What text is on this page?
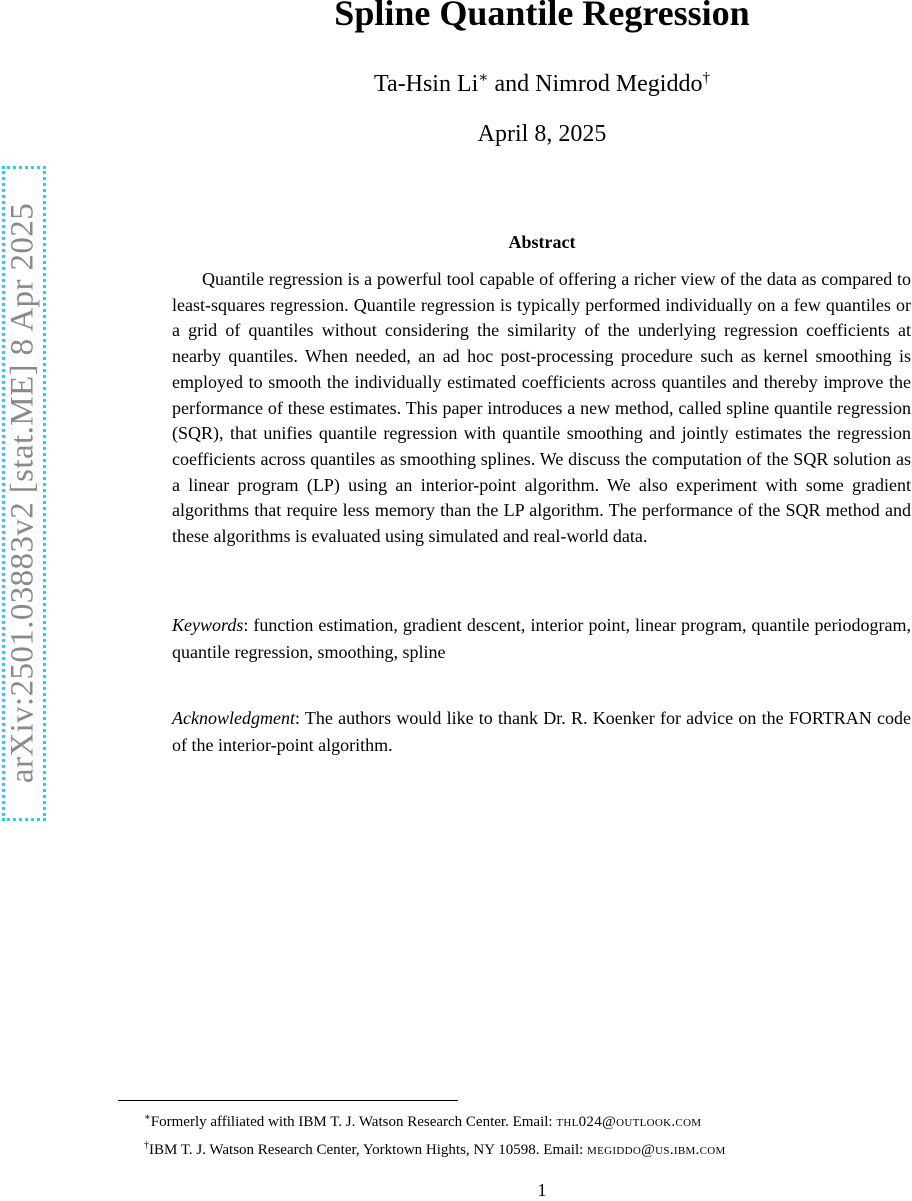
Spline Quantile Regression
Ta-Hsin Li∗ and Nimrod Megiddo†
April 8, 2025
Abstract

Quantile regression is a powerful tool capable of offering a richer view of the data as compared to least-squares regression. Quantile regression is typically performed individually on a few quantiles or a grid of quantiles without considering the similarity of the underlying regression coefficients at nearby quantiles. When needed, an ad hoc post-processing procedure such as kernel smoothing is employed to smooth the individually estimated coefficients across quantiles and thereby improve the performance of these estimates. This paper introduces a new method, called spline quantile regression (SQR), that unifies quantile regression with quantile smoothing and jointly estimates the regression coefficients across quantiles as smoothing splines. We discuss the computation of the SQR solution as a linear program (LP) using an interior-point algorithm. We also experiment with some gradient algorithms that require less memory than the LP algorithm. The performance of the SQR method and these algorithms is evaluated using simulated and real-world data.

Keywords: function estimation, gradient descent, interior point, linear program, quantile periodogram, quantile regression, smoothing, spline

Acknowledgment: The authors would like to thank Dr. R. Koenker for advice on the FORTRAN code of the interior-point algorithm.

arXiv:2501.03883v2 [stat.ME] 8 Apr 2025
∗Formerly affiliated with IBM T. J. Watson Research Center. Email: thl024@outlook.com
†IBM T. J. Watson Research Center, Yorktown Hights, NY 10598. Email: megiddo@us.ibm.com
1
